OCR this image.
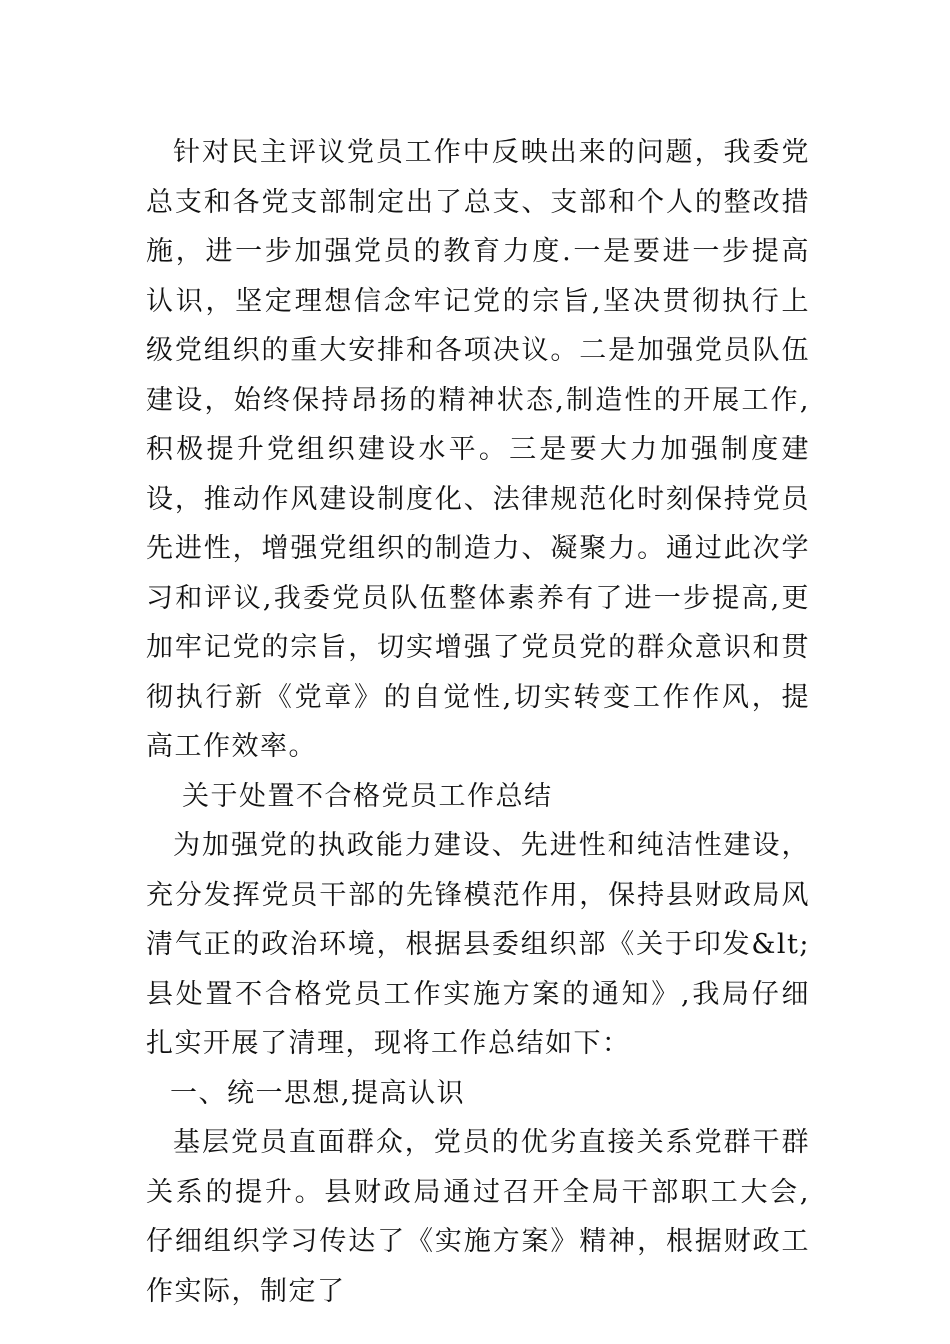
针对民主评议党员工作中反映出来的问题，我委党总支和各党支部制定出了总支、支部和个人的整改措施，进一步加强党员的教育力度.一是要进一步提高认识，坚定理想信念牢记党的宗旨,坚决贯彻执行上级党组织的重大安排和各项决议。二是加强党员队伍建设，始终保持昂扬的精神状态,制造性的开展工作,积极提升党组织建设水平。三是要大力加强制度建设，推动作风建设制度化、法律规范化时刻保持党员先进性，增强党组织的制造力、凝聚力。通过此次学习和评议,我委党员队伍整体素养有了进一步提高,更加牢记党的宗旨，切实增强了党员党的群众意识和贯彻执行新《党章》的自觉性,切实转变工作作风，提高工作效率。

关于处置不合格党员工作总结

为加强党的执政能力建设、先进性和纯洁性建设，充分发挥党员干部的先锋模范作用，保持县财政局风清气正的政治环境，根据县委组织部《关于印发&lt;县处置不合格党员工作实施方案的通知》,我局仔细扎实开展了清理，现将工作总结如下：

一、统一思想,提高认识

基层党员直面群众，党员的优劣直接关系党群干群关系的提升。县财政局通过召开全局干部职工大会,仔细组织学习传达了《实施方案》精神，根据财政工作实际，制定了
